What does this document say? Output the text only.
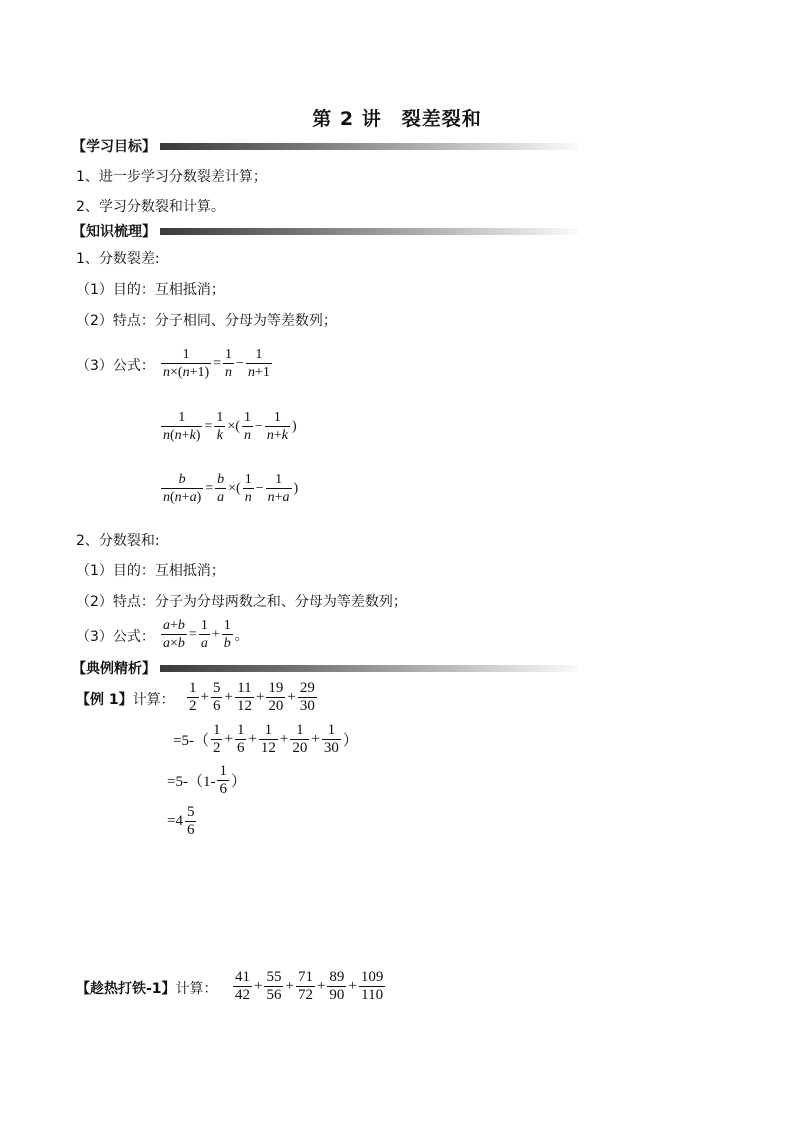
第 2 讲　裂差裂和
【学习目标】
1、进一步学习分数裂差计算；
2、学习分数裂和计算。
【知识梳理】
1、分数裂差:
（1）目的：互相抵消；
（2）特点：分子相同、分母为等差数列；
（3）公式： $\frac{1}{n\times(n+1)} = \frac{1}{n} - \frac{1}{n+1}$
$\frac{1}{n(n+k)} = \frac{1}{k}$ ×( $\frac{1}{n} - \frac{1}{n+k}$ )
$\frac{b}{n(n+a)} = \frac{b}{a}$ ×( $\frac{1}{n} - \frac{1}{n+a}$ )
2、分数裂和:
（1）目的：互相抵消；
（2）特点：分子为分母两数之和、分母为等差数列；
（3）公式： $\frac{a+b}{a\times b} = \frac{1}{a} + \frac{1}{b}$ 。
【典例精析】
【例 1】计算： $\frac{1}{2} + \frac{5}{6} + \frac{11}{12} + \frac{19}{20} + \frac{29}{30}$
$=5-( \frac{1}{2} + \frac{1}{6} + \frac{1}{12} + \frac{1}{20} + \frac{1}{30}$ ）
$=5-(1- \frac{1}{6}$ ）
$=4 \frac{5}{6}$
【趁热打铁-1】计算： $\frac{41}{42} + \frac{55}{56} + \frac{71}{72} + \frac{89}{90} + \frac{109}{110}$
